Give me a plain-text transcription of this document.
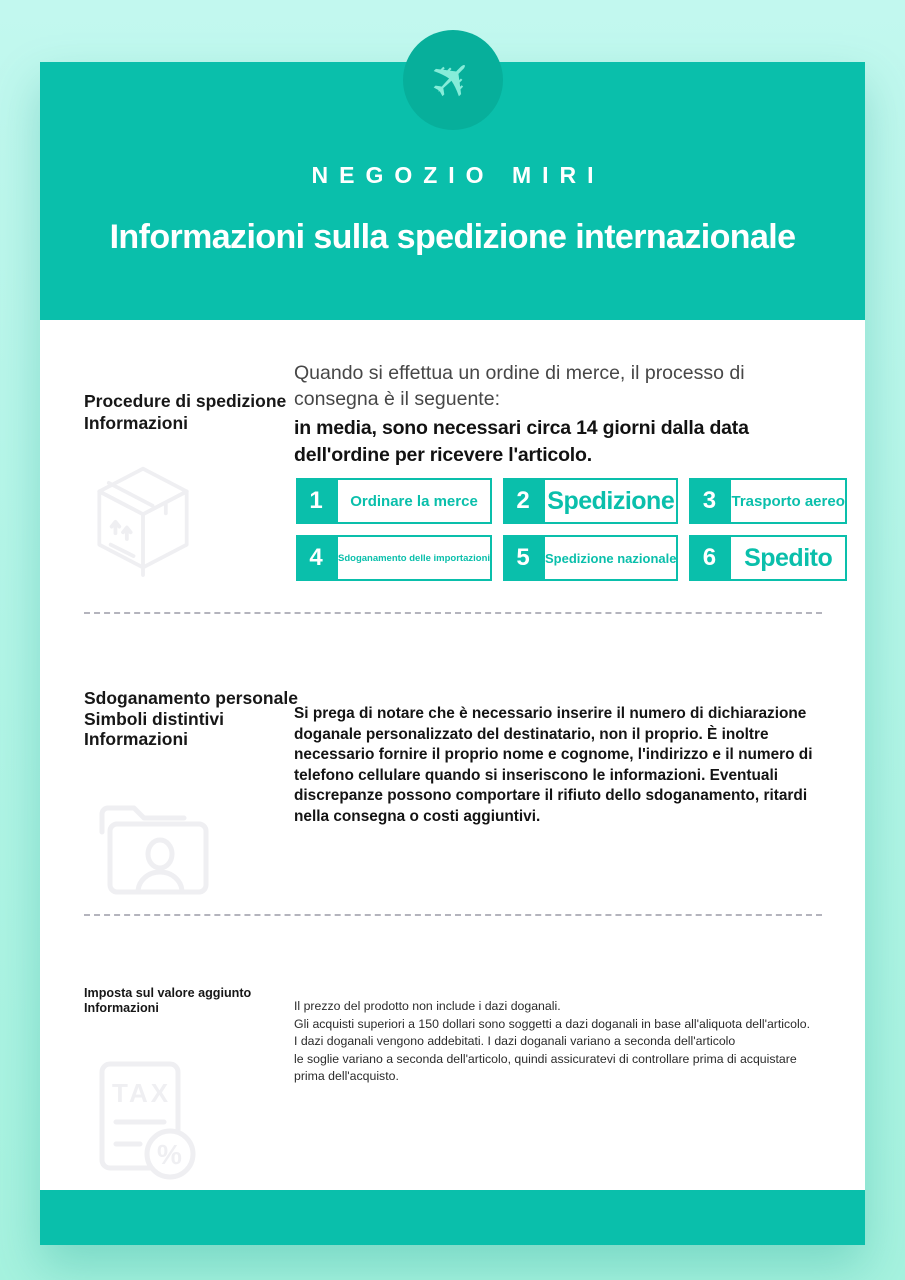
✈
NEGOZIO MIRI
Informazioni sulla spedizione internazionale
Procedure di spedizione
Informazioni
Quando si effettua un ordine di merce, il processo di consegna è il seguente:
in media, sono necessari circa 14 giorni dalla data dell'ordine per ricevere l'articolo.
1	Ordinare la merce	2 Spedizione	3	Trasporto aereo
4	Sdoganamento delle importazioni	5	Spedizione nazionale	6	Spedito
Sdoganamento personale
Simboli distintivi
Informazioni
Si prega di notare che è necessario inserire il numero di dichiarazione doganale personalizzato del destinatario, non il proprio. È inoltre necessario fornire il proprio nome e cognome, l'indirizzo e il numero di telefono cellulare quando si inseriscono le informazioni. Eventuali discrepanze possono comportare il rifiuto dello sdoganamento, ritardi nella consegna o costi aggiuntivi.
Imposta sul valore aggiunto
Informazioni	Il prezzo del prodotto non include i dazi doganali.
Gli acquisti superiori a 150 dollari sono soggetti a dazi doganali in base all'aliquota dell'articolo.
I dazi doganali vengono addebitati. I dazi doganali variano a seconda dell'articolo
le soglie variano a seconda dell'articolo, quindi assicuratevi di controllare prima di acquistare
prima dell'acquisto.
TAX
%
